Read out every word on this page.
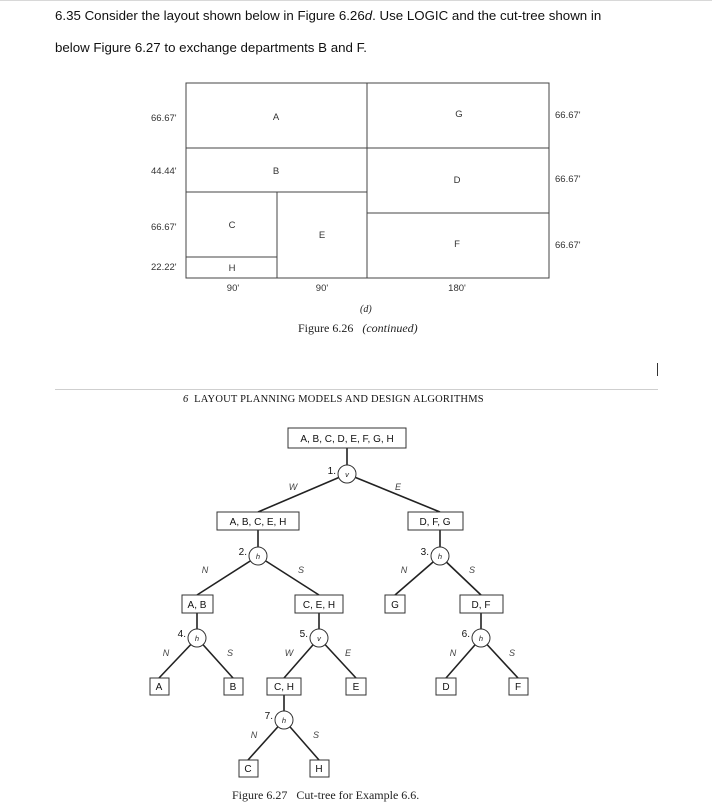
6.35 Consider the layout shown below in Figure 6.26d. Use LOGIC and the cut-tree shown in
below Figure 6.27 to exchange departments B and F.
A
B
C
H
E
G
D
F
90'	90'	180'
66.67'
44.44'
66.67'
22.22'
66.67'
66.67'
66.67'
(d)
Figure 6.26 (continued)
6 LAYOUT PLANNING MODELS AND DESIGN ALGORITHMS
A, B, C, D, E, F, G, H
A, B, C, E, H	D, F, G
A, B	C, E, H	G	D, F
A	B	C, H	E	D	F
C	H
v
h	h
h	v	h
h
1.
2.	3.
4.	5.	6.
7.
W	E
N	S	N	S
N	S	W	E	N	S
N	S
Figure 6.27 Cut-tree for Example 6.6.
